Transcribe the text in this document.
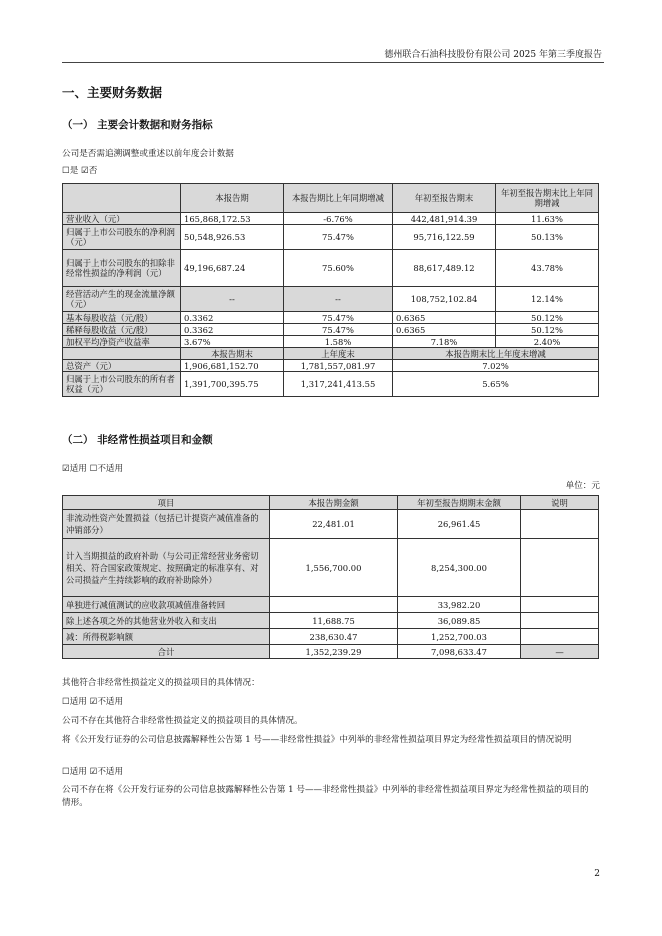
德州联合石油科技股份有限公司 2025 年第三季度报告
一、主要财务数据
（一） 主要会计数据和财务指标
公司是否需追溯调整或重述以前年度会计数据
☐是 ☑否
	本报告期	本报告期比上年同期增减	年初至报告期末	年初至报告期末比上年同期增减
营业收入（元）	165,868,172.53	-6.76%	442,481,914.39	11.63%
归属于上市公司股东的净利润（元）	50,548,926.53	75.47%	95,716,122.59	50.13%
归属于上市公司股东的扣除非经常性损益的净利润（元）	49,196,687.24	75.60%	88,617,489.12	43.78%
经营活动产生的现金流量净额（元）	--	--	108,752,102.84	12.14%
基本每股收益（元/股）	0.3362	75.47%	0.6365	50.12%
稀释每股收益（元/股）	0.3362	75.47%	0.6365	50.12%
加权平均净资产收益率	3.67%	1.58%	7.18%	2.40%
	本报告期末	上年度末	本报告期末比上年度末增减	
总资产（元）	1,906,681,152.70	1,781,557,081.97	7.02%	
归属于上市公司股东的所有者权益（元）	1,391,700,395.75	1,317,241,413.55	5.65%	
（二） 非经常性损益项目和金额
☑适用 ☐不适用
单位：元
项目	本报告期金额	年初至报告期期末金额	说明
非流动性资产处置损益（包括已计提资产减值准备的冲销部分）	22,481.01	26,961.45	
计入当期损益的政府补助（与公司正常经营业务密切相关、符合国家政策规定、按照确定的标准享有、对公司损益产生持续影响的政府补助除外）	1,556,700.00	8,254,300.00	
单独进行减值测试的应收款项减值准备转回		33,982.20	
除上述各项之外的其他营业外收入和支出	11,688.75	36,089.85	
减：所得税影响额	238,630.47	1,252,700.03	
合计	1,352,239.29	7,098,633.47	—
其他符合非经常性损益定义的损益项目的具体情况：
☐适用 ☑不适用
公司不存在其他符合非经常性损益定义的损益项目的具体情况。
将《公开发行证券的公司信息披露解释性公告第 1 号——非经常性损益》中列举的非经常性损益项目界定为经常性损益项目的情况说明
☐适用 ☑不适用
公司不存在将《公开发行证券的公司信息披露解释性公告第 1 号——非经常性损益》中列举的非经常性损益项目界定为经常性损益的项目的情形。
2
